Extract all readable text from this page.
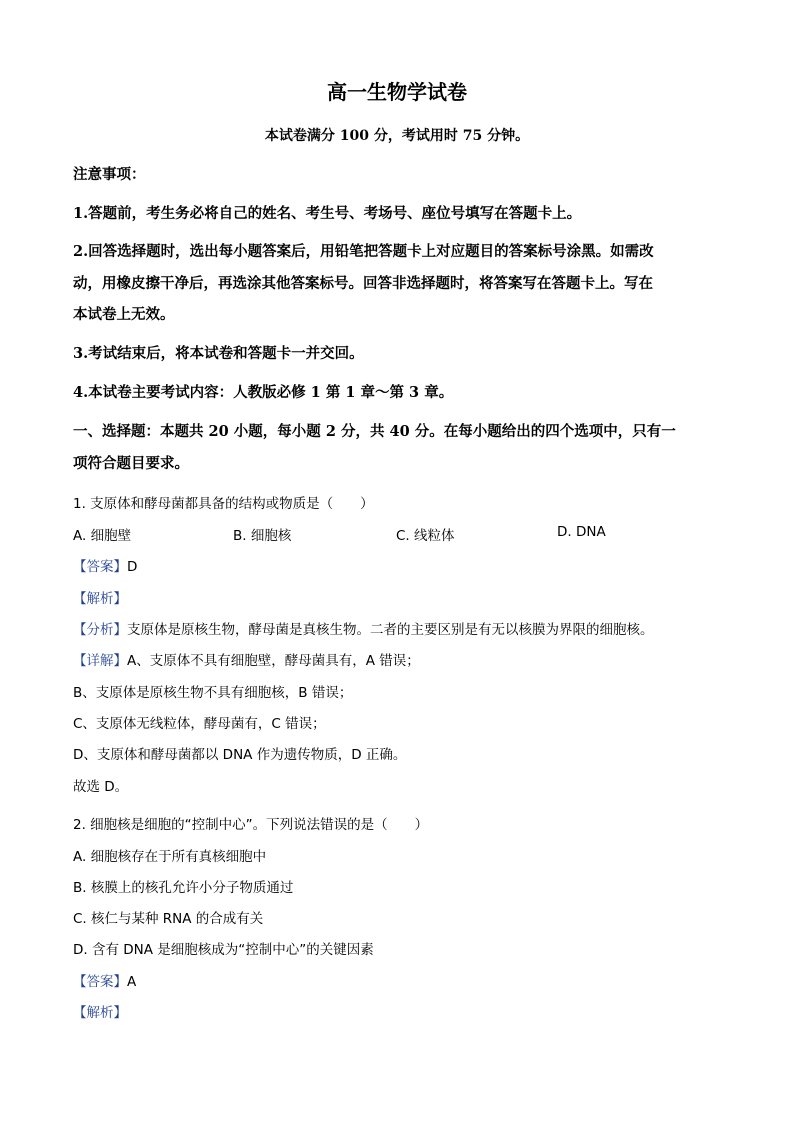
高一生物学试卷
本试卷满分 100 分，考试用时 75 分钟。
注意事项：
1.答题前，考生务必将自己的姓名、考生号、考场号、座位号填写在答题卡上。
2.回答选择题时，选出每小题答案后，用铅笔把答题卡上对应题目的答案标号涂黑。如需改
动，用橡皮擦干净后，再选涂其他答案标号。回答非选择题时，将答案写在答题卡上。写在
本试卷上无效。
3.考试结束后，将本试卷和答题卡一并交回。
4.本试卷主要考试内容：人教版必修 1 第 1 章～第 3 章。
一、选择题：本题共 20 小题，每小题 2 分，共 40 分。在每小题给出的四个选项中，只有一
项符合题目要求。
1. 支原体和酵母菌都具备的结构或物质是（　　）
A. 细胞壁	B. 细胞核	C. 线粒体	D. DNA
【答案】D
【解析】
【分析】支原体是原核生物，酵母菌是真核生物。二者的主要区别是有无以核膜为界限的细胞核。
【详解】A、支原体不具有细胞壁，酵母菌具有，A 错误；
B、支原体是原核生物不具有细胞核，B 错误；
C、支原体无线粒体，酵母菌有，C 错误；
D、支原体和酵母菌都以 DNA 作为遗传物质，D 正确。
故选 D。
2. 细胞核是细胞的“控制中心”。下列说法错误的是（　　）
A. 细胞核存在于所有真核细胞中
B. 核膜上的核孔允许小分子物质通过
C. 核仁与某种 RNA 的合成有关
D. 含有 DNA 是细胞核成为“控制中心”的关键因素
【答案】A
【解析】
